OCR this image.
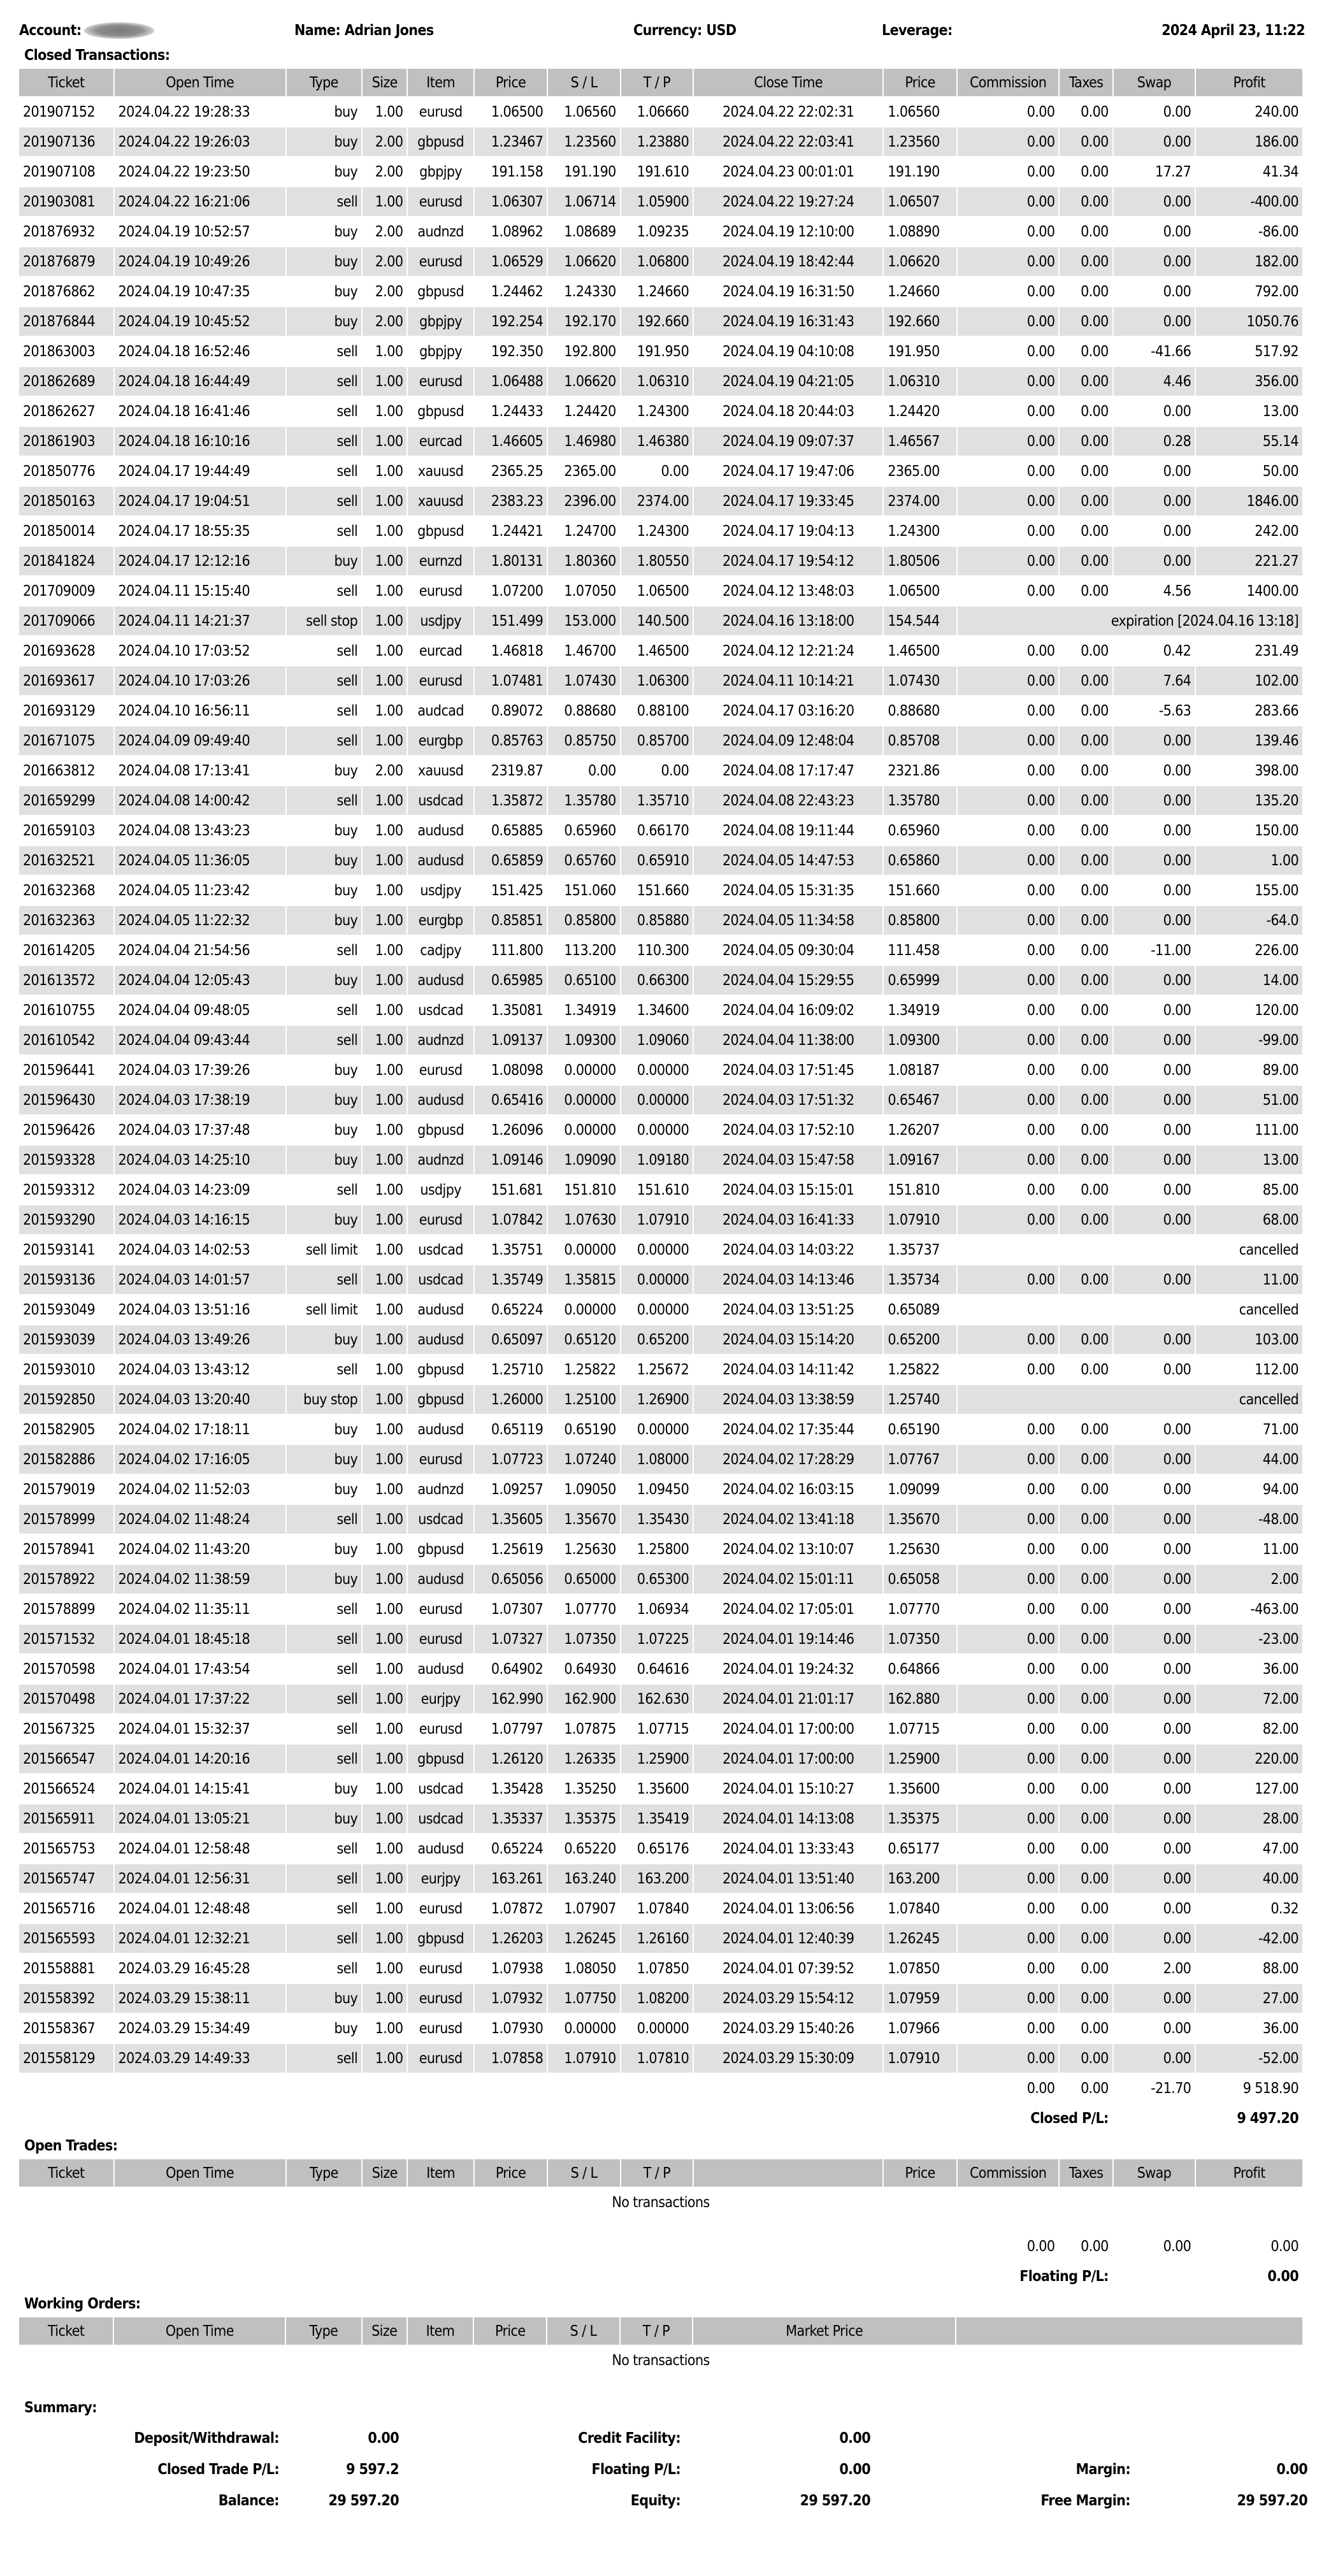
Account:	Name: Adrian Jones	Currency: USD	Leverage:	2024 April 23, 11:22
Closed Transactions:
Ticket	Open Time	Type	Size	Item	Price	S / L	T / P	Close Time	Price	Commission	Taxes	Swap	Profit
201907152	2024.04.22 19:28:33	buy	1.00	eurusd	1.06500	1.06560	1.06660	2024.04.22 22:02:31	1.06560	0.00	0.00	0.00	240.00
201907136	2024.04.22 19:26:03	buy	2.00	gbpusd	1.23467	1.23560	1.23880	2024.04.22 22:03:41	1.23560	0.00	0.00	0.00	186.00
201907108	2024.04.22 19:23:50	buy	2.00	gbpjpy	191.158	191.190	191.610	2024.04.23 00:01:01	191.190	0.00	0.00	17.27	41.34
201903081	2024.04.22 16:21:06	sell	1.00	eurusd	1.06307	1.06714	1.05900	2024.04.22 19:27:24	1.06507	0.00	0.00	0.00	-400.00
201876932	2024.04.19 10:52:57	buy	2.00	audnzd	1.08962	1.08689	1.09235	2024.04.19 12:10:00	1.08890	0.00	0.00	0.00	-86.00
201876879	2024.04.19 10:49:26	buy	2.00	eurusd	1.06529	1.06620	1.06800	2024.04.19 18:42:44	1.06620	0.00	0.00	0.00	182.00
201876862	2024.04.19 10:47:35	buy	2.00	gbpusd	1.24462	1.24330	1.24660	2024.04.19 16:31:50	1.24660	0.00	0.00	0.00	792.00
201876844	2024.04.19 10:45:52	buy	2.00	gbpjpy	192.254	192.170	192.660	2024.04.19 16:31:43	192.660	0.00	0.00	0.00	1050.76
201863003	2024.04.18 16:52:46	sell	1.00	gbpjpy	192.350	192.800	191.950	2024.04.19 04:10:08	191.950	0.00	0.00	-41.66	517.92
201862689	2024.04.18 16:44:49	sell	1.00	eurusd	1.06488	1.06620	1.06310	2024.04.19 04:21:05	1.06310	0.00	0.00	4.46	356.00
201862627	2024.04.18 16:41:46	sell	1.00	gbpusd	1.24433	1.24420	1.24300	2024.04.18 20:44:03	1.24420	0.00	0.00	0.00	13.00
201861903	2024.04.18 16:10:16	sell	1.00	eurcad	1.46605	1.46980	1.46380	2024.04.19 09:07:37	1.46567	0.00	0.00	0.28	55.14
201850776	2024.04.17 19:44:49	sell	1.00	xauusd	2365.25	2365.00	0.00	2024.04.17 19:47:06	2365.00	0.00	0.00	0.00	50.00
201850163	2024.04.17 19:04:51	sell	1.00	xauusd	2383.23	2396.00	2374.00	2024.04.17 19:33:45	2374.00	0.00	0.00	0.00	1846.00
201850014	2024.04.17 18:55:35	sell	1.00	gbpusd	1.24421	1.24700	1.24300	2024.04.17 19:04:13	1.24300	0.00	0.00	0.00	242.00
201841824	2024.04.17 12:12:16	buy	1.00	eurnzd	1.80131	1.80360	1.80550	2024.04.17 19:54:12	1.80506	0.00	0.00	0.00	221.27
201709009	2024.04.11 15:15:40	sell	1.00	eurusd	1.07200	1.07050	1.06500	2024.04.12 13:48:03	1.06500	0.00	0.00	4.56	1400.00
201709066	2024.04.11 14:21:37	sell stop	1.00	usdjpy	151.499	153.000	140.500	2024.04.16 13:18:00	154.544	expiration [2024.04.16 13:18]			
201693628	2024.04.10 17:03:52	sell	1.00	eurcad	1.46818	1.46700	1.46500	2024.04.12 12:21:24	1.46500	0.00	0.00	0.42	231.49
201693617	2024.04.10 17:03:26	sell	1.00	eurusd	1.07481	1.07430	1.06300	2024.04.11 10:14:21	1.07430	0.00	0.00	7.64	102.00
201693129	2024.04.10 16:56:11	sell	1.00	audcad	0.89072	0.88680	0.88100	2024.04.17 03:16:20	0.88680	0.00	0.00	-5.63	283.66
201671075	2024.04.09 09:49:40	sell	1.00	eurgbp	0.85763	0.85750	0.85700	2024.04.09 12:48:04	0.85708	0.00	0.00	0.00	139.46
201663812	2024.04.08 17:13:41	buy	2.00	xauusd	2319.87	0.00	0.00	2024.04.08 17:17:47	2321.86	0.00	0.00	0.00	398.00
201659299	2024.04.08 14:00:42	sell	1.00	usdcad	1.35872	1.35780	1.35710	2024.04.08 22:43:23	1.35780	0.00	0.00	0.00	135.20
201659103	2024.04.08 13:43:23	buy	1.00	audusd	0.65885	0.65960	0.66170	2024.04.08 19:11:44	0.65960	0.00	0.00	0.00	150.00
201632521	2024.04.05 11:36:05	buy	1.00	audusd	0.65859	0.65760	0.65910	2024.04.05 14:47:53	0.65860	0.00	0.00	0.00	1.00
201632368	2024.04.05 11:23:42	buy	1.00	usdjpy	151.425	151.060	151.660	2024.04.05 15:31:35	151.660	0.00	0.00	0.00	155.00
201632363	2024.04.05 11:22:32	buy	1.00	eurgbp	0.85851	0.85800	0.85880	2024.04.05 11:34:58	0.85800	0.00	0.00	0.00	-64.0
201614205	2024.04.04 21:54:56	sell	1.00	cadjpy	111.800	113.200	110.300	2024.04.05 09:30:04	111.458	0.00	0.00	-11.00	226.00
201613572	2024.04.04 12:05:43	buy	1.00	audusd	0.65985	0.65100	0.66300	2024.04.04 15:29:55	0.65999	0.00	0.00	0.00	14.00
201610755	2024.04.04 09:48:05	sell	1.00	usdcad	1.35081	1.34919	1.34600	2024.04.04 16:09:02	1.34919	0.00	0.00	0.00	120.00
201610542	2024.04.04 09:43:44	sell	1.00	audnzd	1.09137	1.09300	1.09060	2024.04.04 11:38:00	1.09300	0.00	0.00	0.00	-99.00
201596441	2024.04.03 17:39:26	buy	1.00	eurusd	1.08098	0.00000	0.00000	2024.04.03 17:51:45	1.08187	0.00	0.00	0.00	89.00
201596430	2024.04.03 17:38:19	buy	1.00	audusd	0.65416	0.00000	0.00000	2024.04.03 17:51:32	0.65467	0.00	0.00	0.00	51.00
201596426	2024.04.03 17:37:48	buy	1.00	gbpusd	1.26096	0.00000	0.00000	2024.04.03 17:52:10	1.26207	0.00	0.00	0.00	111.00
201593328	2024.04.03 14:25:10	buy	1.00	audnzd	1.09146	1.09090	1.09180	2024.04.03 15:47:58	1.09167	0.00	0.00	0.00	13.00
201593312	2024.04.03 14:23:09	sell	1.00	usdjpy	151.681	151.810	151.610	2024.04.03 15:15:01	151.810	0.00	0.00	0.00	85.00
201593290	2024.04.03 14:16:15	buy	1.00	eurusd	1.07842	1.07630	1.07910	2024.04.03 16:41:33	1.07910	0.00	0.00	0.00	68.00
201593141	2024.04.03 14:02:53	sell limit	1.00	usdcad	1.35751	0.00000	0.00000	2024.04.03 14:03:22	1.35737	cancelled			
201593136	2024.04.03 14:01:57	sell	1.00	usdcad	1.35749	1.35815	0.00000	2024.04.03 14:13:46	1.35734	0.00	0.00	0.00	11.00
201593049	2024.04.03 13:51:16	sell limit	1.00	audusd	0.65224	0.00000	0.00000	2024.04.03 13:51:25	0.65089	cancelled			
201593039	2024.04.03 13:49:26	buy	1.00	audusd	0.65097	0.65120	0.65200	2024.04.03 15:14:20	0.65200	0.00	0.00	0.00	103.00
201593010	2024.04.03 13:43:12	sell	1.00	gbpusd	1.25710	1.25822	1.25672	2024.04.03 14:11:42	1.25822	0.00	0.00	0.00	112.00
201592850	2024.04.03 13:20:40	buy stop	1.00	gbpusd	1.26000	1.25100	1.26900	2024.04.03 13:38:59	1.25740	cancelled			
201582905	2024.04.02 17:18:11	buy	1.00	audusd	0.65119	0.65190	0.00000	2024.04.02 17:35:44	0.65190	0.00	0.00	0.00	71.00
201582886	2024.04.02 17:16:05	buy	1.00	eurusd	1.07723	1.07240	1.08000	2024.04.02 17:28:29	1.07767	0.00	0.00	0.00	44.00
201579019	2024.04.02 11:52:03	buy	1.00	audnzd	1.09257	1.09050	1.09450	2024.04.02 16:03:15	1.09099	0.00	0.00	0.00	94.00
201578999	2024.04.02 11:48:24	sell	1.00	usdcad	1.35605	1.35670	1.35430	2024.04.02 13:41:18	1.35670	0.00	0.00	0.00	-48.00
201578941	2024.04.02 11:43:20	buy	1.00	gbpusd	1.25619	1.25630	1.25800	2024.04.02 13:10:07	1.25630	0.00	0.00	0.00	11.00
201578922	2024.04.02 11:38:59	buy	1.00	audusd	0.65056	0.65000	0.65300	2024.04.02 15:01:11	0.65058	0.00	0.00	0.00	2.00
201578899	2024.04.02 11:35:11	sell	1.00	eurusd	1.07307	1.07770	1.06934	2024.04.02 17:05:01	1.07770	0.00	0.00	0.00	-463.00
201571532	2024.04.01 18:45:18	sell	1.00	eurusd	1.07327	1.07350	1.07225	2024.04.01 19:14:46	1.07350	0.00	0.00	0.00	-23.00
201570598	2024.04.01 17:43:54	sell	1.00	audusd	0.64902	0.64930	0.64616	2024.04.01 19:24:32	0.64866	0.00	0.00	0.00	36.00
201570498	2024.04.01 17:37:22	sell	1.00	eurjpy	162.990	162.900	162.630	2024.04.01 21:01:17	162.880	0.00	0.00	0.00	72.00
201567325	2024.04.01 15:32:37	sell	1.00	eurusd	1.07797	1.07875	1.07715	2024.04.01 17:00:00	1.07715	0.00	0.00	0.00	82.00
201566547	2024.04.01 14:20:16	sell	1.00	gbpusd	1.26120	1.26335	1.25900	2024.04.01 17:00:00	1.25900	0.00	0.00	0.00	220.00
201566524	2024.04.01 14:15:41	buy	1.00	usdcad	1.35428	1.35250	1.35600	2024.04.01 15:10:27	1.35600	0.00	0.00	0.00	127.00
201565911	2024.04.01 13:05:21	buy	1.00	usdcad	1.35337	1.35375	1.35419	2024.04.01 14:13:08	1.35375	0.00	0.00	0.00	28.00
201565753	2024.04.01 12:58:48	sell	1.00	audusd	0.65224	0.65220	0.65176	2024.04.01 13:33:43	0.65177	0.00	0.00	0.00	47.00
201565747	2024.04.01 12:56:31	sell	1.00	eurjpy	163.261	163.240	163.200	2024.04.01 13:51:40	163.200	0.00	0.00	0.00	40.00
201565716	2024.04.01 12:48:48	sell	1.00	eurusd	1.07872	1.07907	1.07840	2024.04.01 13:06:56	1.07840	0.00	0.00	0.00	0.32
201565593	2024.04.01 12:32:21	sell	1.00	gbpusd	1.26203	1.26245	1.26160	2024.04.01 12:40:39	1.26245	0.00	0.00	0.00	-42.00
201558881	2024.03.29 16:45:28	sell	1.00	eurusd	1.07938	1.08050	1.07850	2024.04.01 07:39:52	1.07850	0.00	0.00	2.00	88.00
201558392	2024.03.29 15:38:11	buy	1.00	eurusd	1.07932	1.07750	1.08200	2024.03.29 15:54:12	1.07959	0.00	0.00	0.00	27.00
201558367	2024.03.29 15:34:49	buy	1.00	eurusd	1.07930	0.00000	0.00000	2024.03.29 15:40:26	1.07966	0.00	0.00	0.00	36.00
201558129	2024.03.29 14:49:33	sell	1.00	eurusd	1.07858	1.07910	1.07810	2024.03.29 15:30:09	1.07910	0.00	0.00	0.00	-52.00
										0.00	0.00	-21.70	9 518.90
										Closed P/L:			9 497.20
Open Trades:
Ticket	Open Time	Type	Size	Item	Price	S / L	T / P		Price	Commission	Taxes	Swap	Profit
No transactions													

										0.00	0.00	0.00	0.00
										Floating P/L:			0.00
Working Orders:
Ticket	Open Time	Type	Size	Item	Price	S / L	T / P	Market Price	
No transactions
Summary:
Deposit/Withdrawal:	0.00	Credit Facility:	0.00		
Closed Trade P/L:	9 597.2	Floating P/L:	0.00	Margin:	0.00
Balance:	29 597.20	Equity:	29 597.20	Free Margin:	29 597.20
